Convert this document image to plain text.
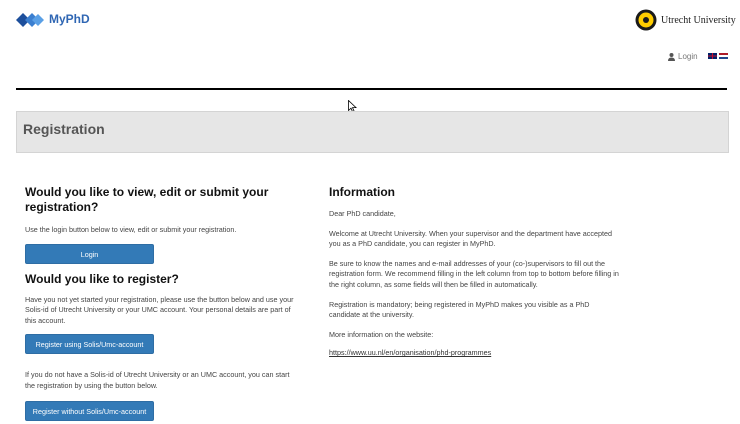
MyPhD	Utrecht University
Login
Registration
Would you like to view, edit or submit your registration?

Use the login button below to view, edit or submit your registration.

Login
Would you like to register?

Have you not yet started your registration, please use the button below and use your Solis-id of Utrecht University or your UMC account. Your personal details are part of this account.

Register using Solis/Umc-account

If you do not have a Solis-id of Utrecht University or an UMC account, you can start the registration by using the button below.

Register without Solis/Umc-account
Information

Dear PhD candidate,

Welcome at Utrecht University. When your supervisor and the department have accepted you as a PhD candidate, you can register in MyPhD.

Be sure to know the names and e-mail addresses of your (co-)supervisors to fill out the registration form. We recommend filling in the left column from top to bottom before filling in the right column, as some fields will then be filled in automatically.

Registration is mandatory; being registered in MyPhD makes you visible as a PhD candidate at the university.

More information on the website:

https://www.uu.nl/en/organisation/phd-programmes
